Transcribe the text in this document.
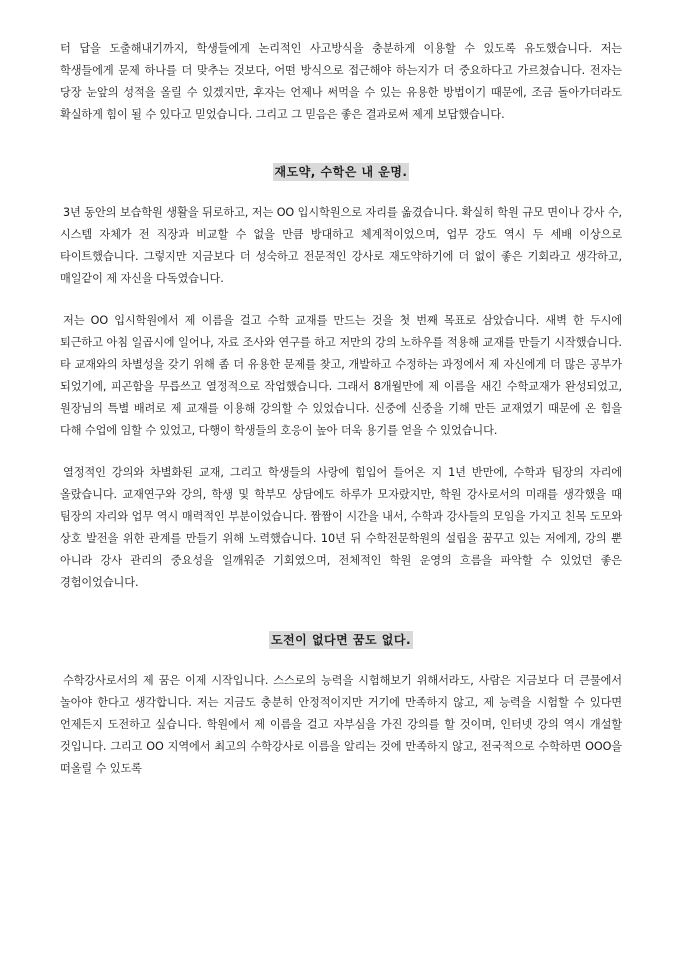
터 답을 도출해내기까지, 학생들에게 논리적인 사고방식을 충분하게 이용할 수 있도록 유도했습니다. 저는 학생들에게 문제 하나를 더 맞추는 것보다, 어떤 방식으로 접근해야 하는지가 더 중요하다고 가르쳤습니다. 전자는 당장 눈앞의 성적을 올릴 수 있겠지만, 후자는 언제나 써먹을 수 있는 유용한 방법이기 때문에, 조금 돌아가더라도 확실하게 힘이 될 수 있다고 믿었습니다. 그리고 그 믿음은 좋은 결과로써 제게 보답했습니다.

재도약, 수학은 내 운명.

3년 동안의 보습학원 생활을 뒤로하고, 저는 OO 입시학원으로 자리를 옮겼습니다. 확실히 학원 규모 면이나 강사 수, 시스템 자체가 전 직장과 비교할 수 없을 만큼 방대하고 체계적이었으며, 업무 강도 역시 두 세배 이상으로 타이트했습니다. 그렇지만 지금보다 더 성숙하고 전문적인 강사로 재도약하기에 더 없이 좋은 기회라고 생각하고, 매일같이 제 자신을 다독였습니다.

저는 OO 입시학원에서 제 이름을 걸고 수학 교재를 만드는 것을 첫 번째 목표로 삼았습니다. 새벽 한 두시에 퇴근하고 아침 일곱시에 일어나, 자료 조사와 연구를 하고 저만의 강의 노하우를 적용해 교재를 만들기 시작했습니다. 타 교재와의 차별성을 갖기 위해 좀 더 유용한 문제를 찾고, 개발하고 수정하는 과정에서 제 자신에게 더 많은 공부가 되었기에, 피곤함을 무릅쓰고 열정적으로 작업했습니다. 그래서 8개월만에 제 이름을 새긴 수학교재가 완성되었고, 원장님의 특별 배려로 제 교재를 이용해 강의할 수 있었습니다. 신중에 신중을 기해 만든 교재였기 때문에 온 힘을 다해 수업에 임할 수 있었고, 다행이 학생들의 호응이 높아 더욱 용기를 얻을 수 있었습니다.

열정적인 강의와 차별화된 교재, 그리고 학생들의 사랑에 힘입어 들어온 지 1년 반만에, 수학과 팀장의 자리에 올랐습니다. 교재연구와 강의, 학생 및 학부모 상담에도 하루가 모자랐지만, 학원 강사로서의 미래를 생각했을 때 팀장의 자리와 업무 역시 매력적인 부분이었습니다. 짬짬이 시간을 내서, 수학과 강사들의 모임을 가지고 친목 도모와 상호 발전을 위한 관계를 만들기 위해 노력했습니다. 10년 뒤 수학전문학원의 설립을 꿈꾸고 있는 저에게, 강의 뿐 아니라 강사 관리의 중요성을 일깨워준 기회였으며, 전체적인 학원 운영의 흐름을 파악할 수 있었던 좋은 경험이었습니다.

도전이 없다면 꿈도 없다.

수학강사로서의 제 꿈은 이제 시작입니다. 스스로의 능력을 시험해보기 위해서라도, 사람은 지금보다 더 큰물에서 놀아야 한다고 생각합니다. 저는 지금도 충분히 안정적이지만 거기에 만족하지 않고, 제 능력을 시험할 수 있다면 언제든지 도전하고 싶습니다. 학원에서 제 이름을 걸고 자부심을 가진 강의를 할 것이며, 인터넷 강의 역시 개설할 것입니다. 그리고 OO 지역에서 최고의 수학강사로 이름을 알리는 것에 만족하지 않고, 전국적으로 수학하면 OOO을 떠올릴 수 있도록
